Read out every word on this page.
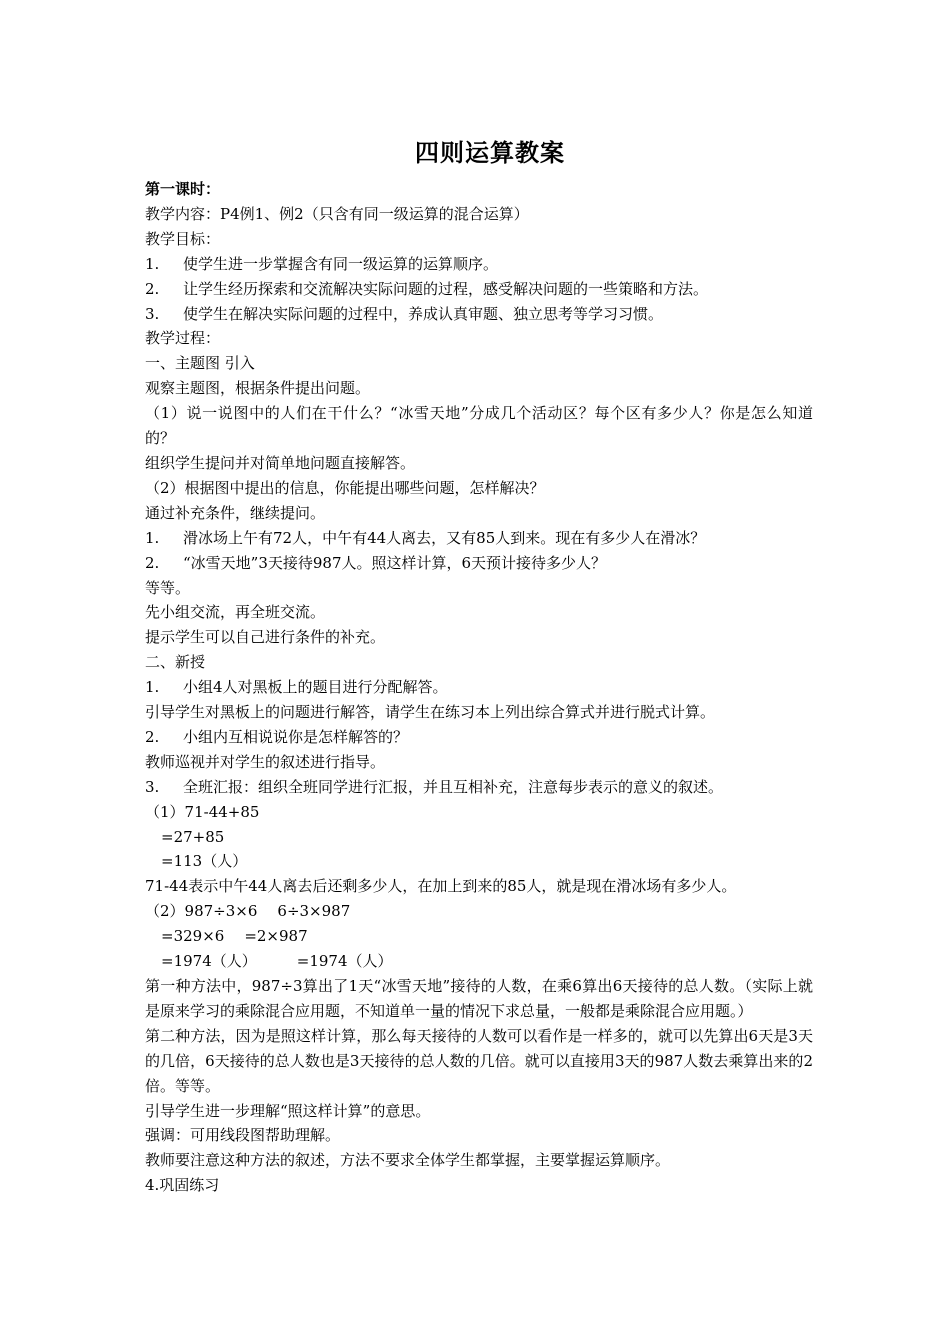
四则运算教案

第一课时：

教学内容：P4例1、例2（只含有同一级运算的混合运算）

教学目标：

1. 使学生进一步掌握含有同一级运算的运算顺序。

2. 让学生经历探索和交流解决实际问题的过程，感受解决问题的一些策略和方法。

3. 使学生在解决实际问题的过程中，养成认真审题、独立思考等学习习惯。

教学过程：

一、主题图 引入

观察主题图，根据条件提出问题。

（1）说一说图中的人们在干什么？“冰雪天地”分成几个活动区？每个区有多少人？你是怎么知道的？

组织学生提问并对简单地问题直接解答。

（2）根据图中提出的信息，你能提出哪些问题，怎样解决？

通过补充条件，继续提问。

1. 滑冰场上午有72人，中午有44人离去，又有85人到来。现在有多少人在滑冰？

2. “冰雪天地”3天接待987人。照这样计算，6天预计接待多少人？

等等。

先小组交流，再全班交流。

提示学生可以自己进行条件的补充。

二、新授

1. 小组4人对黑板上的题目进行分配解答。

引导学生对黑板上的问题进行解答，请学生在练习本上列出综合算式并进行脱式计算。

2. 小组内互相说说你是怎样解答的？

教师巡视并对学生的叙述进行指导。

3. 全班汇报：组织全班同学进行汇报，并且互相补充，注意每步表示的意义的叙述。

（1）71-44+85

=27+85

=113（人）

71-44表示中午44人离去后还剩多少人，在加上到来的85人，就是现在滑冰场有多少人。

（2）987÷3×6 6÷3×987

=329×6 =2×987

=1974（人）	=1974（人）

第一种方法中，987÷3算出了1天“冰雪天地”接待的人数，在乘6算出6天接待的总人数。（实际上就是原来学习的乘除混合应用题，不知道单一量的情况下求总量，一般都是乘除混合应用题。）

第二种方法，因为是照这样计算，那么每天接待的人数可以看作是一样多的，就可以先算出6天是3天的几倍，6天接待的总人数也是3天接待的总人数的几倍。就可以直接用3天的987人数去乘算出来的2倍。等等。

引导学生进一步理解“照这样计算”的意思。

强调：可用线段图帮助理解。

教师要注意这种方法的叙述，方法不要求全体学生都掌握，主要掌握运算顺序。

4.巩固练习
